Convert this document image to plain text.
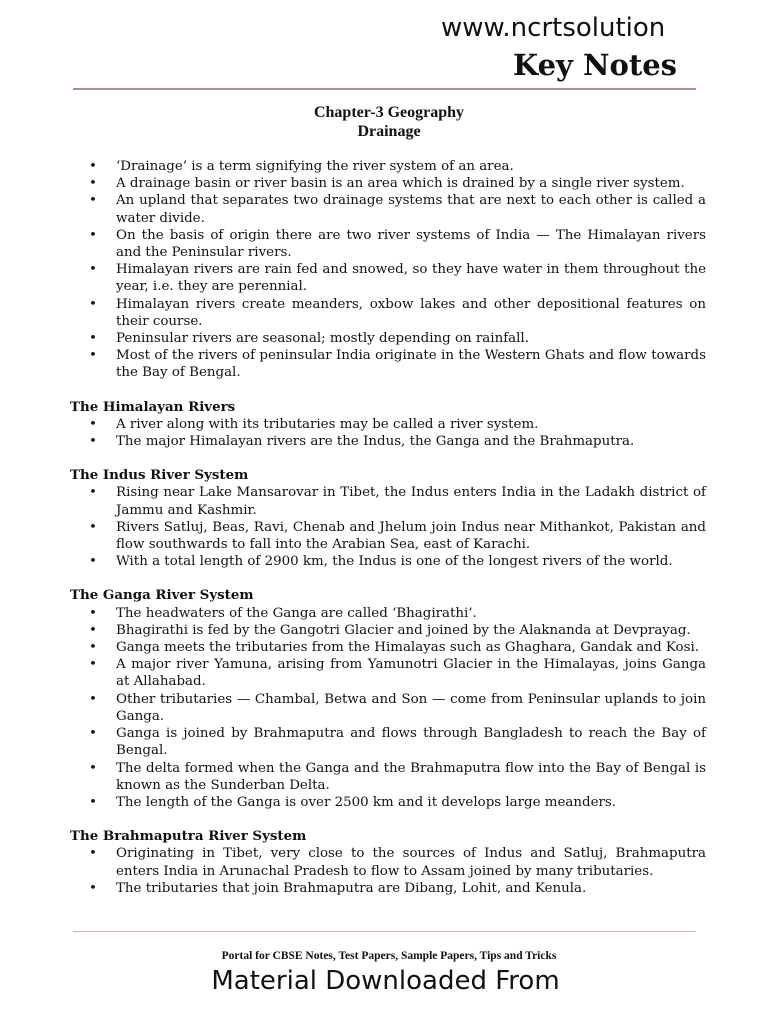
www.ncrtsolution
Key Notes
Chapter-3 Geography
Drainage
• ‘Drainage’ is a term signifying the river system of an area.
• A drainage basin or river basin is an area which is drained by a single river system.
• An upland that separates two drainage systems that are next to each other is called a water divide.
• On the basis of origin there are two river systems of India — The Himalayan rivers and the Peninsular rivers.
• Himalayan rivers are rain fed and snowed, so they have water in them throughout the year, i.e. they are perennial.
• Himalayan rivers create meanders, oxbow lakes and other depositional features on their course.
• Peninsular rivers are seasonal; mostly depending on rainfall.
• Most of the rivers of peninsular India originate in the Western Ghats and flow towards the Bay of Bengal.
The Himalayan Rivers
• A river along with its tributaries may be called a river system.
• The major Himalayan rivers are the Indus, the Ganga and the Brahmaputra.
The Indus River System
• Rising near Lake Mansarovar in Tibet, the Indus enters India in the Ladakh district of Jammu and Kashmir.
• Rivers Satluj, Beas, Ravi, Chenab and Jhelum join Indus near Mithankot, Pakistan and flow southwards to fall into the Arabian Sea, east of Karachi.
• With a total length of 2900 km, the Indus is one of the longest rivers of the world.
The Ganga River System
• The headwaters of the Ganga are called ‘Bhagirathi’.
• Bhagirathi is fed by the Gangotri Glacier and joined by the Alaknanda at Devprayag.
• Ganga meets the tributaries from the Himalayas such as Ghaghara, Gandak and Kosi.
• A major river Yamuna, arising from Yamunotri Glacier in the Himalayas, joins Ganga at Allahabad.
• Other tributaries — Chambal, Betwa and Son — come from Peninsular uplands to join Ganga.
• Ganga is joined by Brahmaputra and flows through Bangladesh to reach the Bay of Bengal.
• The delta formed when the Ganga and the Brahmaputra flow into the Bay of Bengal is known as the Sunderban Delta.
• The length of the Ganga is over 2500 km and it develops large meanders.
The Brahmaputra River System
• Originating in Tibet, very close to the sources of Indus and Satluj, Brahmaputra enters India in Arunachal Pradesh to flow to Assam joined by many tributaries.
• The tributaries that join Brahmaputra are Dibang, Lohit, and Kenula.
Portal for CBSE Notes, Test Papers, Sample Papers, Tips and Tricks
Material Downloaded From
